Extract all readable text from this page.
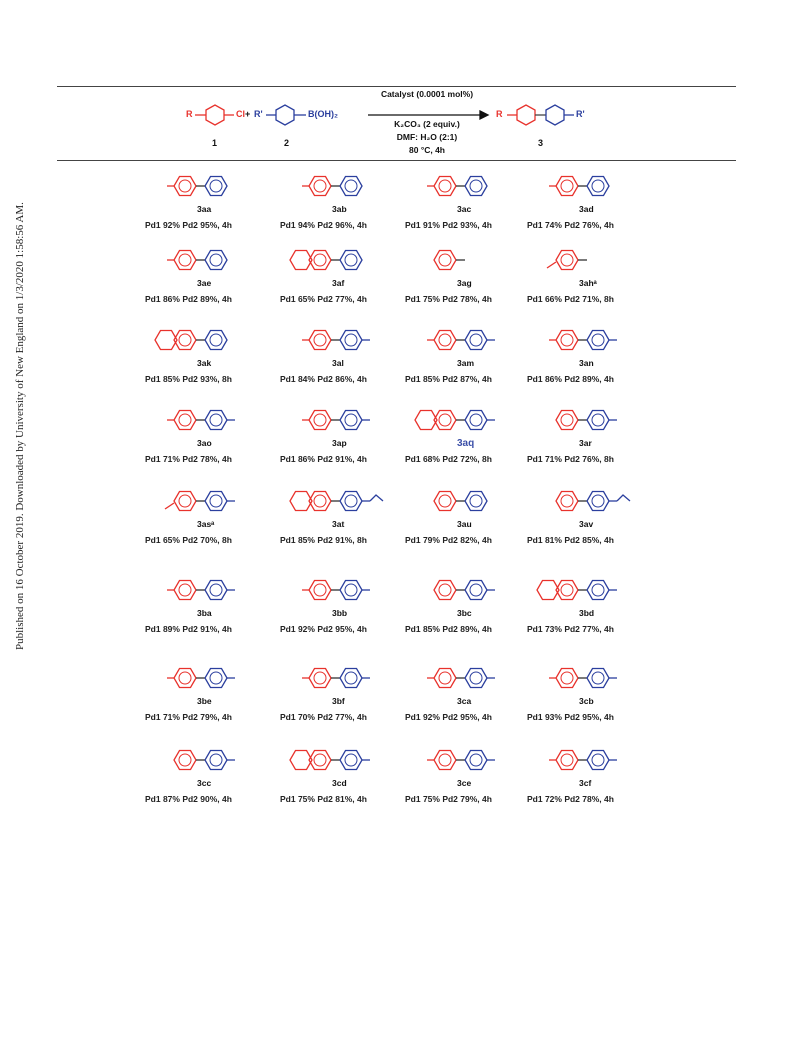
Published on 16 October 2019. Downloaded by University of New England on 1/3/2020 1:58:56 AM.
R	Cl + R'	B(OH)₂	R	R'
1	2	3
Catalyst (0.0001 mol%)
K₂CO₃ (2 equiv.)
DMF: H₂O (2:1)
80 °C, 4h
3aa
Pd1 92% Pd2 95%, 4h
3ab
Pd1 94% Pd2 96%, 4h
3ac
Pd1 91% Pd2 93%, 4h
3ad
Pd1 74% Pd2 76%, 4h
3ae
Pd1 86% Pd2 89%, 4h
3af
Pd1 65% Pd2 77%, 4h
3ag
Pd1 75% Pd2 78%, 4h
3ahᵃ
Pd1 66% Pd2 71%, 8h
3ak
Pd1 85% Pd2 93%, 8h
3al
Pd1 84% Pd2 86%, 4h
3am
Pd1 85% Pd2 87%, 4h
3an
Pd1 86% Pd2 89%, 4h
3ao
Pd1 71% Pd2 78%, 4h
3ap
Pd1 86% Pd2 91%, 4h
3aq
Pd1 68% Pd2 72%, 8h
3ar
Pd1 71% Pd2 76%, 8h
3asᵃ
Pd1 65% Pd2 70%, 8h
3at
Pd1 85% Pd2 91%, 8h
3au
Pd1 79% Pd2 82%, 4h
3av
Pd1 81% Pd2 85%, 4h
3ba
Pd1 89% Pd2 91%, 4h
3bb
Pd1 92% Pd2 95%, 4h
3bc
Pd1 85% Pd2 89%, 4h
3bd
Pd1 73% Pd2 77%, 4h
3be
Pd1 71% Pd2 79%, 4h
3bf
Pd1 70% Pd2 77%, 4h
3ca
Pd1 92% Pd2 95%, 4h
3cb
Pd1 93% Pd2 95%, 4h
3cc
Pd1 87% Pd2 90%, 4h
3cd
Pd1 75% Pd2 81%, 4h
3ce
Pd1 75% Pd2 79%, 4h
3cf
Pd1 72% Pd2 78%, 4h
